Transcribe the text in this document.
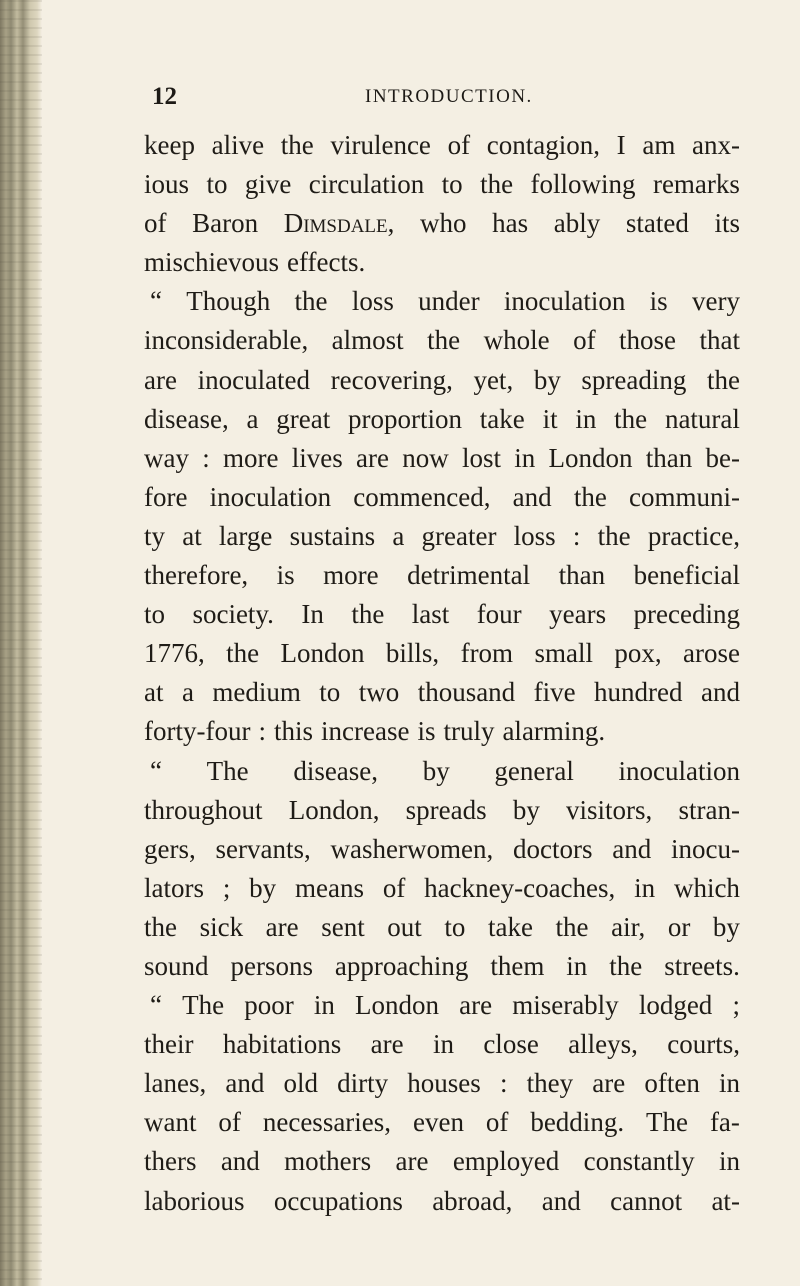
12	INTRODUCTION.
keep alive the virulence of contagion, I am anx-
ious to give circulation to the following remarks
of Baron Dimsdale, who has ably stated its
mischievous effects.
“ Though the loss under inoculation is very
inconsiderable, almost the whole of those that
are inoculated recovering, yet, by spreading the
disease, a great proportion take it in the natural
way : more lives are now lost in London than be-
fore inoculation commenced, and the communi-
ty at large sustains a greater loss : the practice,
therefore, is more detrimental than beneficial
to society. In the last four years preceding
1776, the London bills, from small pox, arose
at a medium to two thousand five hundred and
forty-four : this increase is truly alarming.
“ The disease, by general inoculation
throughout London, spreads by visitors, stran-
gers, servants, washerwomen, doctors and inocu-
lators ; by means of hackney-coaches, in which
the sick are sent out to take the air, or by
sound persons approaching them in the streets.
“ The poor in London are miserably lodged ;
their habitations are in close alleys, courts,
lanes, and old dirty houses : they are often in
want of necessaries, even of bedding. The fa-
thers and mothers are employed constantly in
laborious occupations abroad, and cannot at-
